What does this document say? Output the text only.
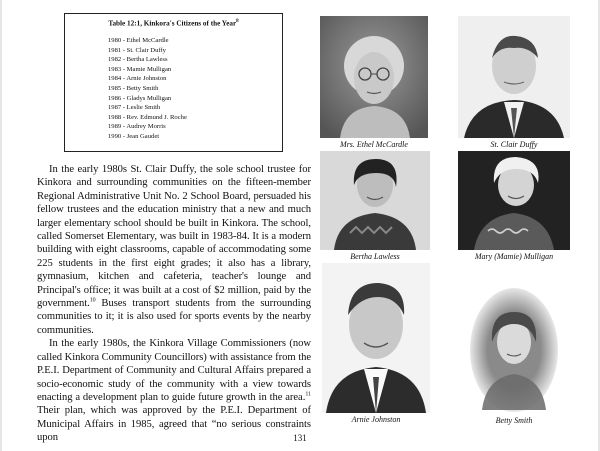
Table 12:1, Kinkora's Citizens of the Year$^8$
1980 - Ethel McCardle
1981 - St. Clair Duffy
1982 - Bertha Lawless
1983 - Mamie Mulligan
1984 - Arnie Johnston
1985 - Betty Smith
1986 - Gladys Mulligan
1987 - Leslie Smith
1988 - Rev. Edmund J. Roche
1989 - Audrey Morris
1990 - Jean Gaudet

In the early 1980s St. Clair Duffy, the sole school trustee for Kinkora and surrounding communities on the fifteen-member Regional Administrative Unit No. 2 School Board, persuaded his fellow trustees and the education ministry that a new and much larger elementary school should be built in Kinkora. The school, called Somerset Elementary, was built in 1983-84. It is a modern building with eight classrooms, capable of accommodating some 225 students in the first eight grades; it also has a library, gymnasium, kitchen and cafeteria, teacher's lounge and Principal's office; it was built at a cost of $2 million, paid by the government.$^{10}$ Buses transport students from the surrounding communities to it; it is also used for sports events by the nearby communities.

In the early 1980s, the Kinkora Village Commissioners (now called Kinkora Community Councillors) with assistance from the P.E.I. Department of Community and Cultural Affairs prepared a socio-economic study of the community with a view towards enacting a development plan to guide future growth in the area.$^{11}$ Their plan, which was approved by the P.E.I. Department of Municipal Affairs in 1985, agreed that “no serious constraints upon	131
Mrs. Ethel McCardle	St. Clair Duffy
Bertha Lawless	Mary (Mamie) Mulligan
Arnie Johnston	Betty Smith
